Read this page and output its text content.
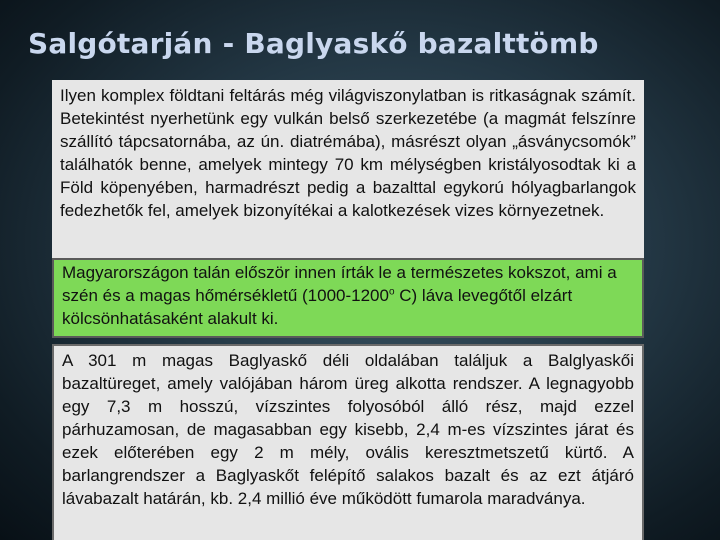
Salgótarján - Baglyaskő bazalttömb

Ilyen komplex földtani feltárás még világviszonylatban is ritkaságnak számít. Betekintést nyerhetünk egy vulkán belső szerkezetébe (a magmát felszínre szállító tápcsatornába, az ún. diatrémába), másrészt olyan „ásványcsomók” találhatók benne, amelyek mintegy 70 km mélységben kristályosodtak ki a Föld köpenyében, harmadrészt pedig a bazalttal egykorú hólyagbarlangok fedezhetők fel, amelyek bizonyítékai a kalotkezések vizes környezetnek.

Magyarországon talán először innen írták le a természetes kokszot, ami a szén és a magas hőmérsékletű (1000-1200$^o$ C) láva levegőtől elzárt kölcsönhatásaként alakult ki.

A 301 m magas Baglyaskő déli oldalában találjuk a Balglyaskői bazaltüreget, amely valójában három üreg alkotta rendszer. A legnagyobb egy 7,3 m hosszú, vízszintes folyosóból álló rész, majd ezzel párhuzamosan, de magasabban egy kisebb, 2,4 m-es vízszintes járat és ezek előterében egy 2 m mély, ovális keresztmetszetű kürtő. A barlangrendszer a Baglyaskőt felépítő salakos bazalt és az ezt átjáró lávabazalt határán, kb. 2,4 millió éve működött fumarola maradványa.
